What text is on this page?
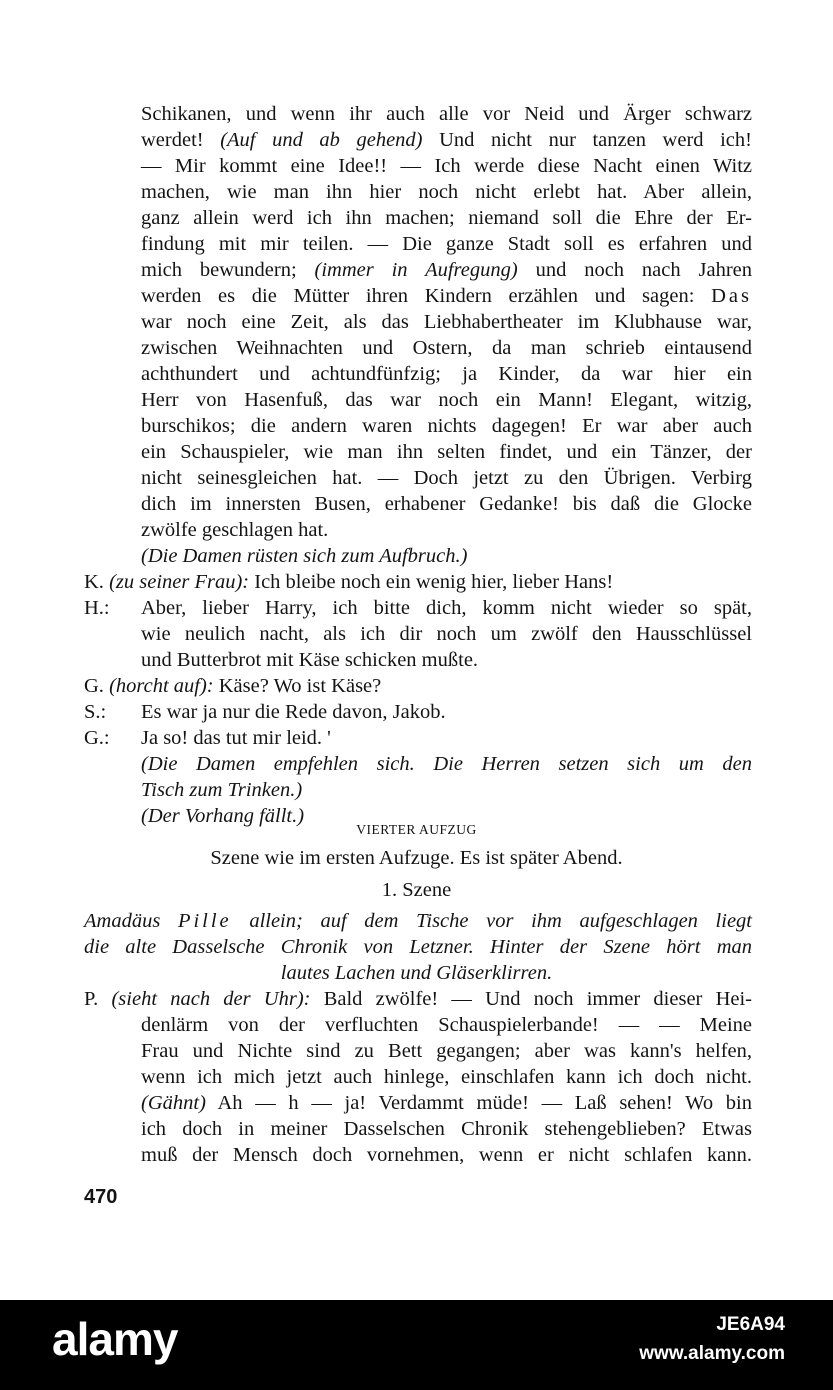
Schikanen, und wenn ihr auch alle vor Neid und Ärger schwarz
werdet! (Auf und ab gehend) Und nicht nur tanzen werd ich!
— Mir kommt eine Idee!! — Ich werde diese Nacht einen Witz
machen, wie man ihn hier noch nicht erlebt hat. Aber allein,
ganz allein werd ich ihn machen; niemand soll die Ehre der Er-
findung mit mir teilen. — Die ganze Stadt soll es erfahren und
mich bewundern; (immer in Aufregung) und noch nach Jahren
werden es die Mütter ihren Kindern erzählen und sagen: Das
war noch eine Zeit, als das Liebhabertheater im Klubhause war,
zwischen Weihnachten und Ostern, da man schrieb eintausend
achthundert und achtundfünfzig; ja Kinder, da war hier ein
Herr von Hasenfuß, das war noch ein Mann! Elegant, witzig,
burschikos; die andern waren nichts dagegen! Er war aber auch
ein Schauspieler, wie man ihn selten findet, und ein Tänzer, der
nicht seinesgleichen hat. — Doch jetzt zu den Übrigen. Verbirg
dich im innersten Busen, erhabener Gedanke! bis daß die Glocke
zwölfe geschlagen hat.
(Die Damen rüsten sich zum Aufbruch.)
K. (zu seiner Frau): Ich bleibe noch ein wenig hier, lieber Hans!
H.: Aber, lieber Harry, ich bitte dich, komm nicht wieder so spät,
wie neulich nacht, als ich dir noch um zwölf den Hausschlüssel
und Butterbrot mit Käse schicken mußte.
G. (horcht auf): Käse? Wo ist Käse?
S.: Es war ja nur die Rede davon, Jakob.
G.: Ja so! das tut mir leid. '
(Die Damen empfehlen sich. Die Herren setzen sich um den
Tisch zum Trinken.)
(Der Vorhang fällt.)
VIERTER AUFZUG
Szene wie im ersten Aufzuge. Es ist später Abend.
1. Szene
Amadäus Pille allein; auf dem Tische vor ihm aufgeschlagen liegt
die alte Dasselsche Chronik von Letzner. Hinter der Szene hört man
lautes Lachen und Gläserklirren.
P. (sieht nach der Uhr): Bald zwölfe! — Und noch immer dieser Hei-
denlärm von der verfluchten Schauspielerbande! — — Meine
Frau und Nichte sind zu Bett gegangen; aber was kann's helfen,
wenn ich mich jetzt auch hinlege, einschlafen kann ich doch nicht.
(Gähnt) Ah — h — ja! Verdammt müde! — Laß sehen! Wo bin
ich doch in meiner Dasselschen Chronik stehengeblieben? Etwas
muß der Mensch doch vornehmen, wenn er nicht schlafen kann.
470
alamy	JE6A94
www.alamy.com
